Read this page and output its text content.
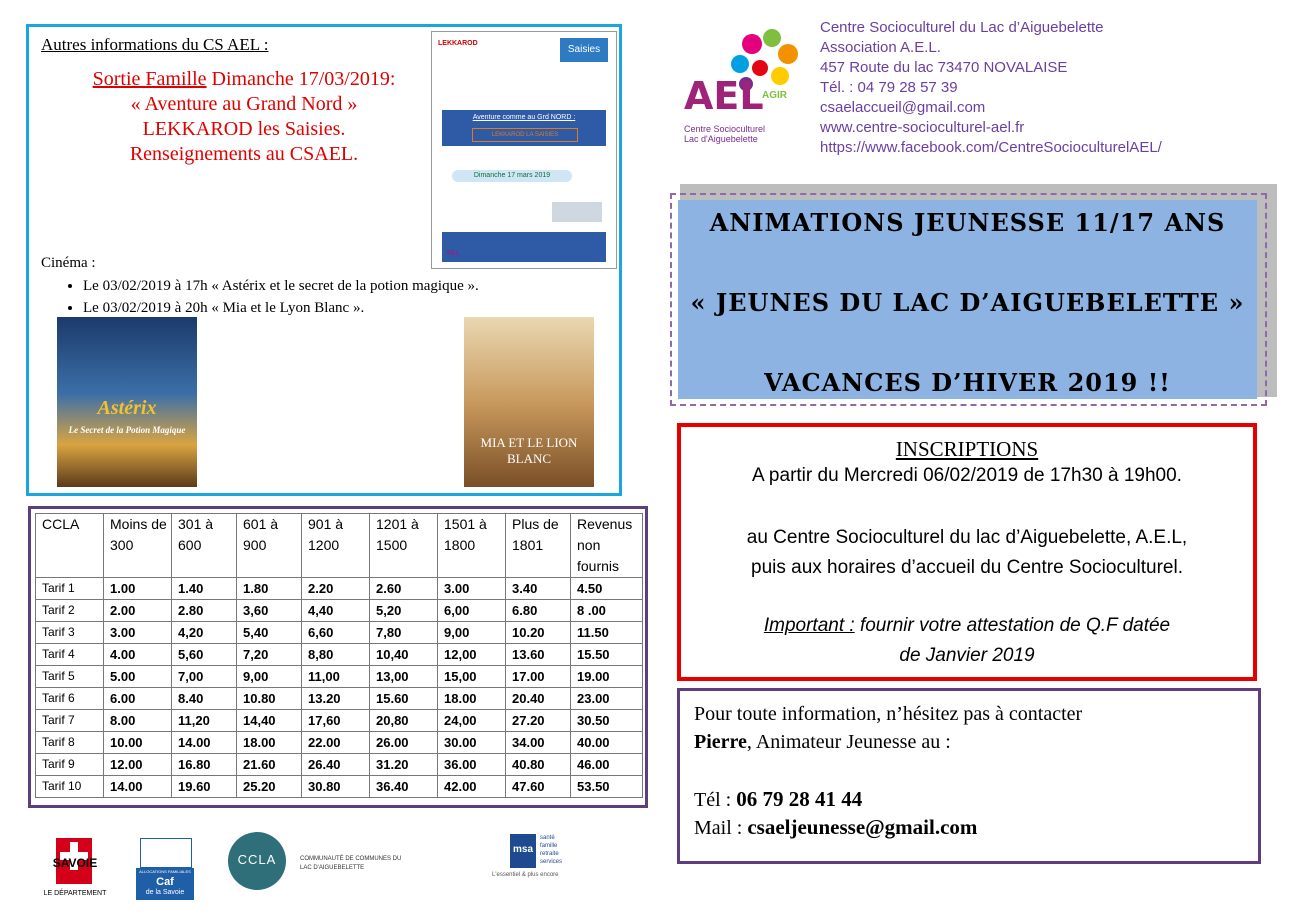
Autres informations du CS AEL :
Sortie Famille Dimanche 17/03/2019:
« Aventure au Grand Nord »
LEKKAROD les Saisies.
Renseignements au CSAEL.
LEKKAROD
Saisies
Aventure comme au Grd NORD :
LEKKAROD LA SAISIES
Dimanche 17 mars 2019
AEL
Cinéma :
• Le 03/02/2019 à 17h « Astérix et le secret de la potion magique ».
• Le 03/02/2019 à 20h « Mia et le Lyon Blanc ».
Astérix
Le Secret de la Potion Magique
MIA ET LE LION BLANC
CCLA	Moins de 300	301 à 600	601 à 900	901 à 1200	1201 à 1500	1501 à 1800	Plus de 1801	Revenus non fournis
Tarif 1	1.00	1.40	1.80	2.20	2.60	3.00	3.40	4.50
Tarif 2	2.00	2.80	3,60	4,40	5,20	6,00	6.80	8 .00
Tarif 3	3.00	4,20	5,40	6,60	7,80	9,00	10.20	11.50
Tarif 4	4.00	5,60	7,20	8,80	10,40	12,00	13.60	15.50
Tarif 5	5.00	7,00	9,00	11,00	13,00	15,00	17.00	19.00
Tarif 6	6.00	8.40	10.80	13.20	15.60	18.00	20.40	23.00
Tarif 7	8.00	11,20	14,40	17,60	20,80	24,00	27.20	30.50
Tarif 8	10.00	14.00	18.00	22.00	26.00	30.00	34.00	40.00
Tarif 9	12.00	16.80	21.60	26.40	31.20	36.00	40.80	46.00
Tarif 10	14.00	19.60	25.20	30.80	36.40	42.00	47.60	53.50
SAVOIE
LE DÉPARTEMENT
ALLOCATIONS FAMILIALES
Caf
de la Savoie
CCLA	COMMUNAUTÉ DE COMMUNES DU
LAC D'AIGUEBELETTE
msa
santé
famille
retraite
services
L'essentiel & plus encore
AEL
AGIR
Centre Socioculturel
Lac d'Aiguebelette
Centre Socioculturel du Lac d’Aiguebelette
Association A.E.L.
457 Route du lac 73470 NOVALAISE
Tél. : 04 79 28 57 39
csaelaccueil@gmail.com
www.centre-socioculturel-ael.fr
https://www.facebook.com/CentreSocioculturelAEL/
ANIMATIONS JEUNESSE 11/17 ANS
« JEUNES DU LAC D’AIGUEBELETTE »
VACANCES D’HIVER 2019 !!
INSCRIPTIONS
A partir du Mercredi 06/02/2019 de 17h30 à 19h00.
au Centre Socioculturel du lac d’Aiguebelette, A.E.L,
puis aux horaires d’accueil du Centre Socioculturel.
Important : fournir votre attestation de Q.F datée
de Janvier 2019
Pour toute information, n’hésitez pas à contacter
Pierre, Animateur Jeunesse au :
Tél : 06 79 28 41 44
Mail : csaeljeunesse@gmail.com
